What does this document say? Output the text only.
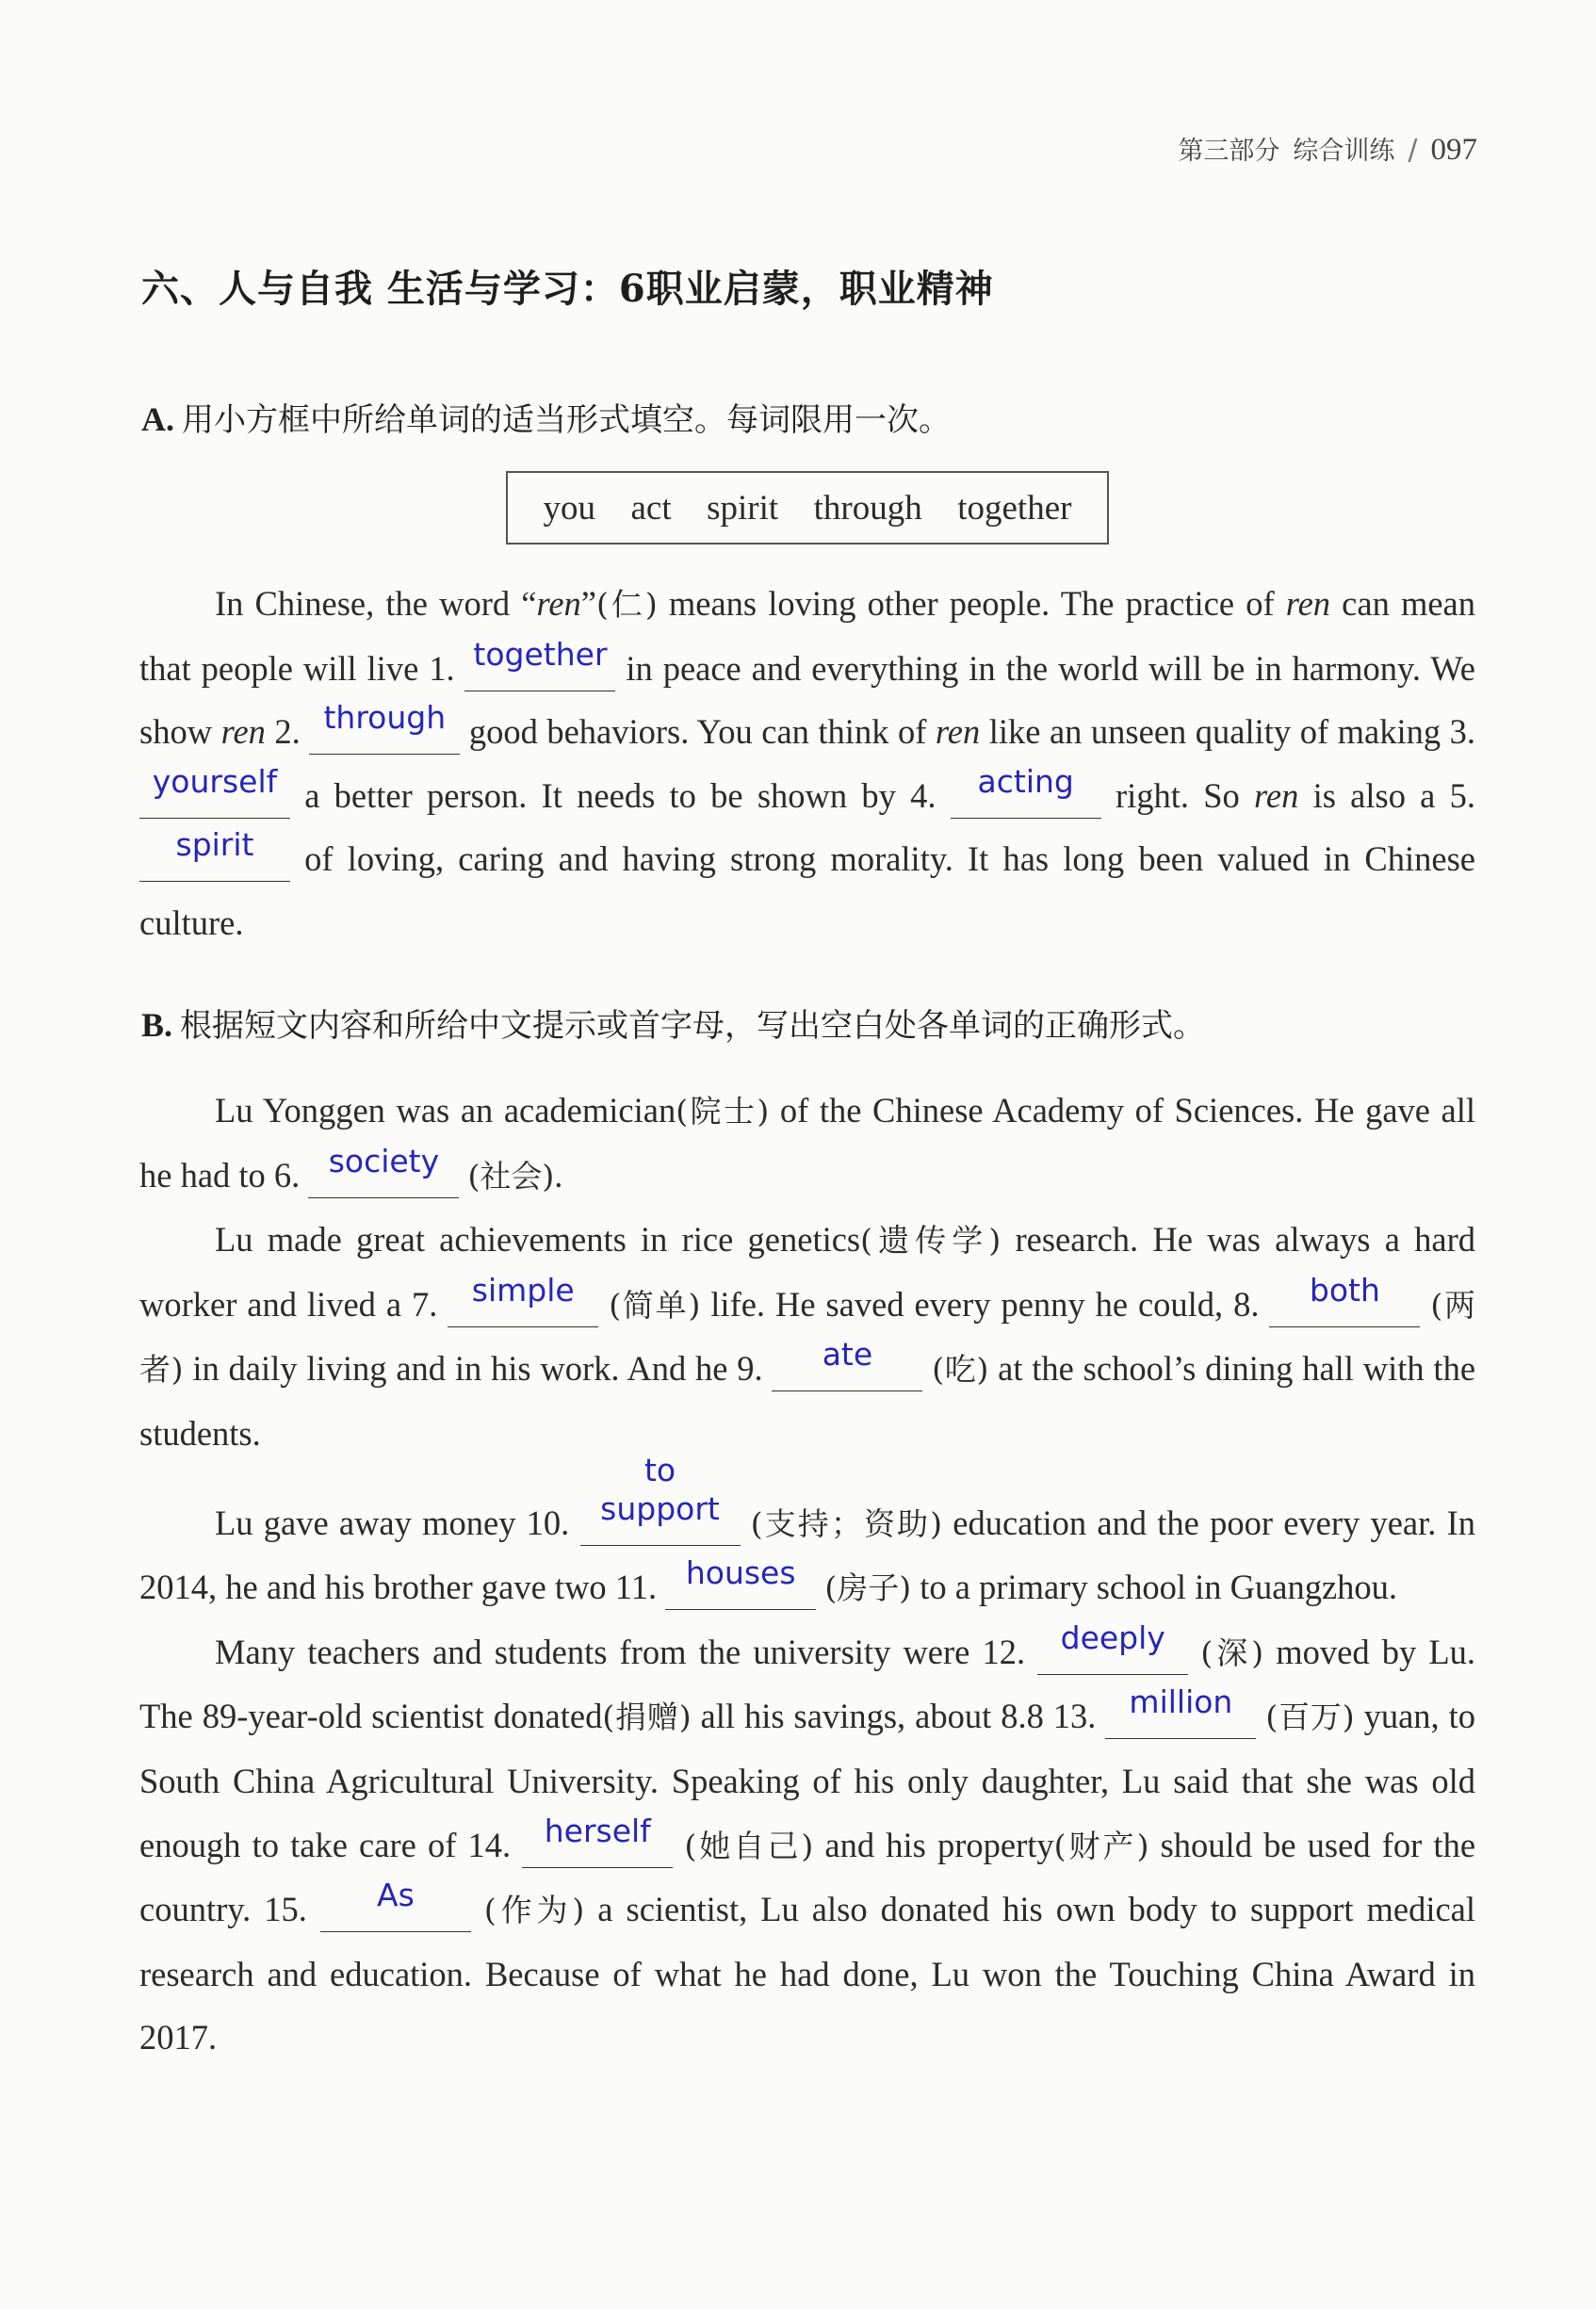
第三部分 综合训练 / 097
六、人与自我 生活与学习：6职业启蒙，职业精神
A. 用小方框中所给单词的适当形式填空。每词限用一次。
you act spirit through together

In Chinese, the word “ren”(仁) means loving other people. The practice of ren can mean that people will live 1. together in peace and everything in the world will be in harmony. We show ren 2. through good behaviors. You can think of ren like an unseen quality of making 3. yourself a better person. It needs to be shown by 4. acting right. So ren is also a 5. spirit of loving, caring and having strong morality. It has long been valued in Chinese culture.

B. 根据短文内容和所给中文提示或首字母，写出空白处各单词的正确形式。

Lu Yonggen was an academician(院士) of the Chinese Academy of Sciences. He gave all he had to 6. society (社会).

Lu made great achievements in rice genetics(遗传学) research. He was always a hard worker and lived a 7. simple (简单) life. He saved every penny he could, 8. both (两者) in daily living and in his work. And he 9. ate (吃) at the school’s dining hall with the students.

Lu gave away money 10. to support (支持；资助) education and the poor every year. In 2014, he and his brother gave two 11. houses (房子) to a primary school in Guangzhou.

Many teachers and students from the university were 12. deeply (深) moved by Lu. The 89-year-old scientist donated(捐赠) all his savings, about 8.8 13. million (百万) yuan, to South China Agricultural University. Speaking of his only daughter, Lu said that she was old enough to take care of 14. herself (她自己) and his property(财产) should be used for the country. 15. As (作为) a scientist, Lu also donated his own body to support medical research and education. Because of what he had done, Lu won the Touching China Award in 2017.
